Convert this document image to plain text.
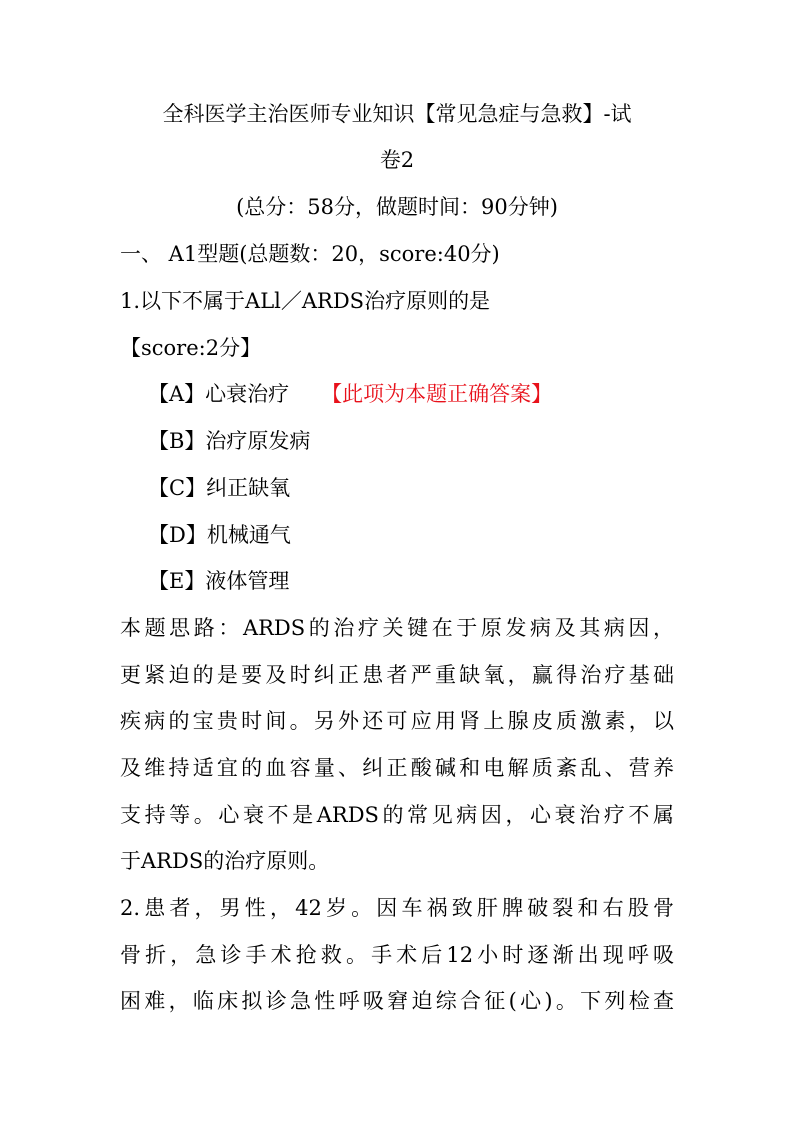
全科医学主治医师专业知识【常见急症与急救】-试
卷2
(总分：58分，做题时间：90分钟)
一、 A1型题(总题数：20，score:40分)
1.以下不属于ALl／ARDS治疗原则的是
【score:2分】
【A】心衰治疗 【此项为本题正确答案】
【B】治疗原发病
【C】纠正缺氧
【D】机械通气
【E】液体管理
本题思路：ARDS的治疗关键在于原发病及其病因，
更紧迫的是要及时纠正患者严重缺氧，赢得治疗基础
疾病的宝贵时间。另外还可应用肾上腺皮质激素，以
及维持适宜的血容量、纠正酸碱和电解质紊乱、营养
支持等。心衰不是ARDS的常见病因，心衰治疗不属
于ARDS的治疗原则。
2.患者，男性，42岁。因车祸致肝脾破裂和右股骨
骨折，急诊手术抢救。手术后12小时逐渐出现呼吸
困难，临床拟诊急性呼吸窘迫综合征(心)。下列检查
